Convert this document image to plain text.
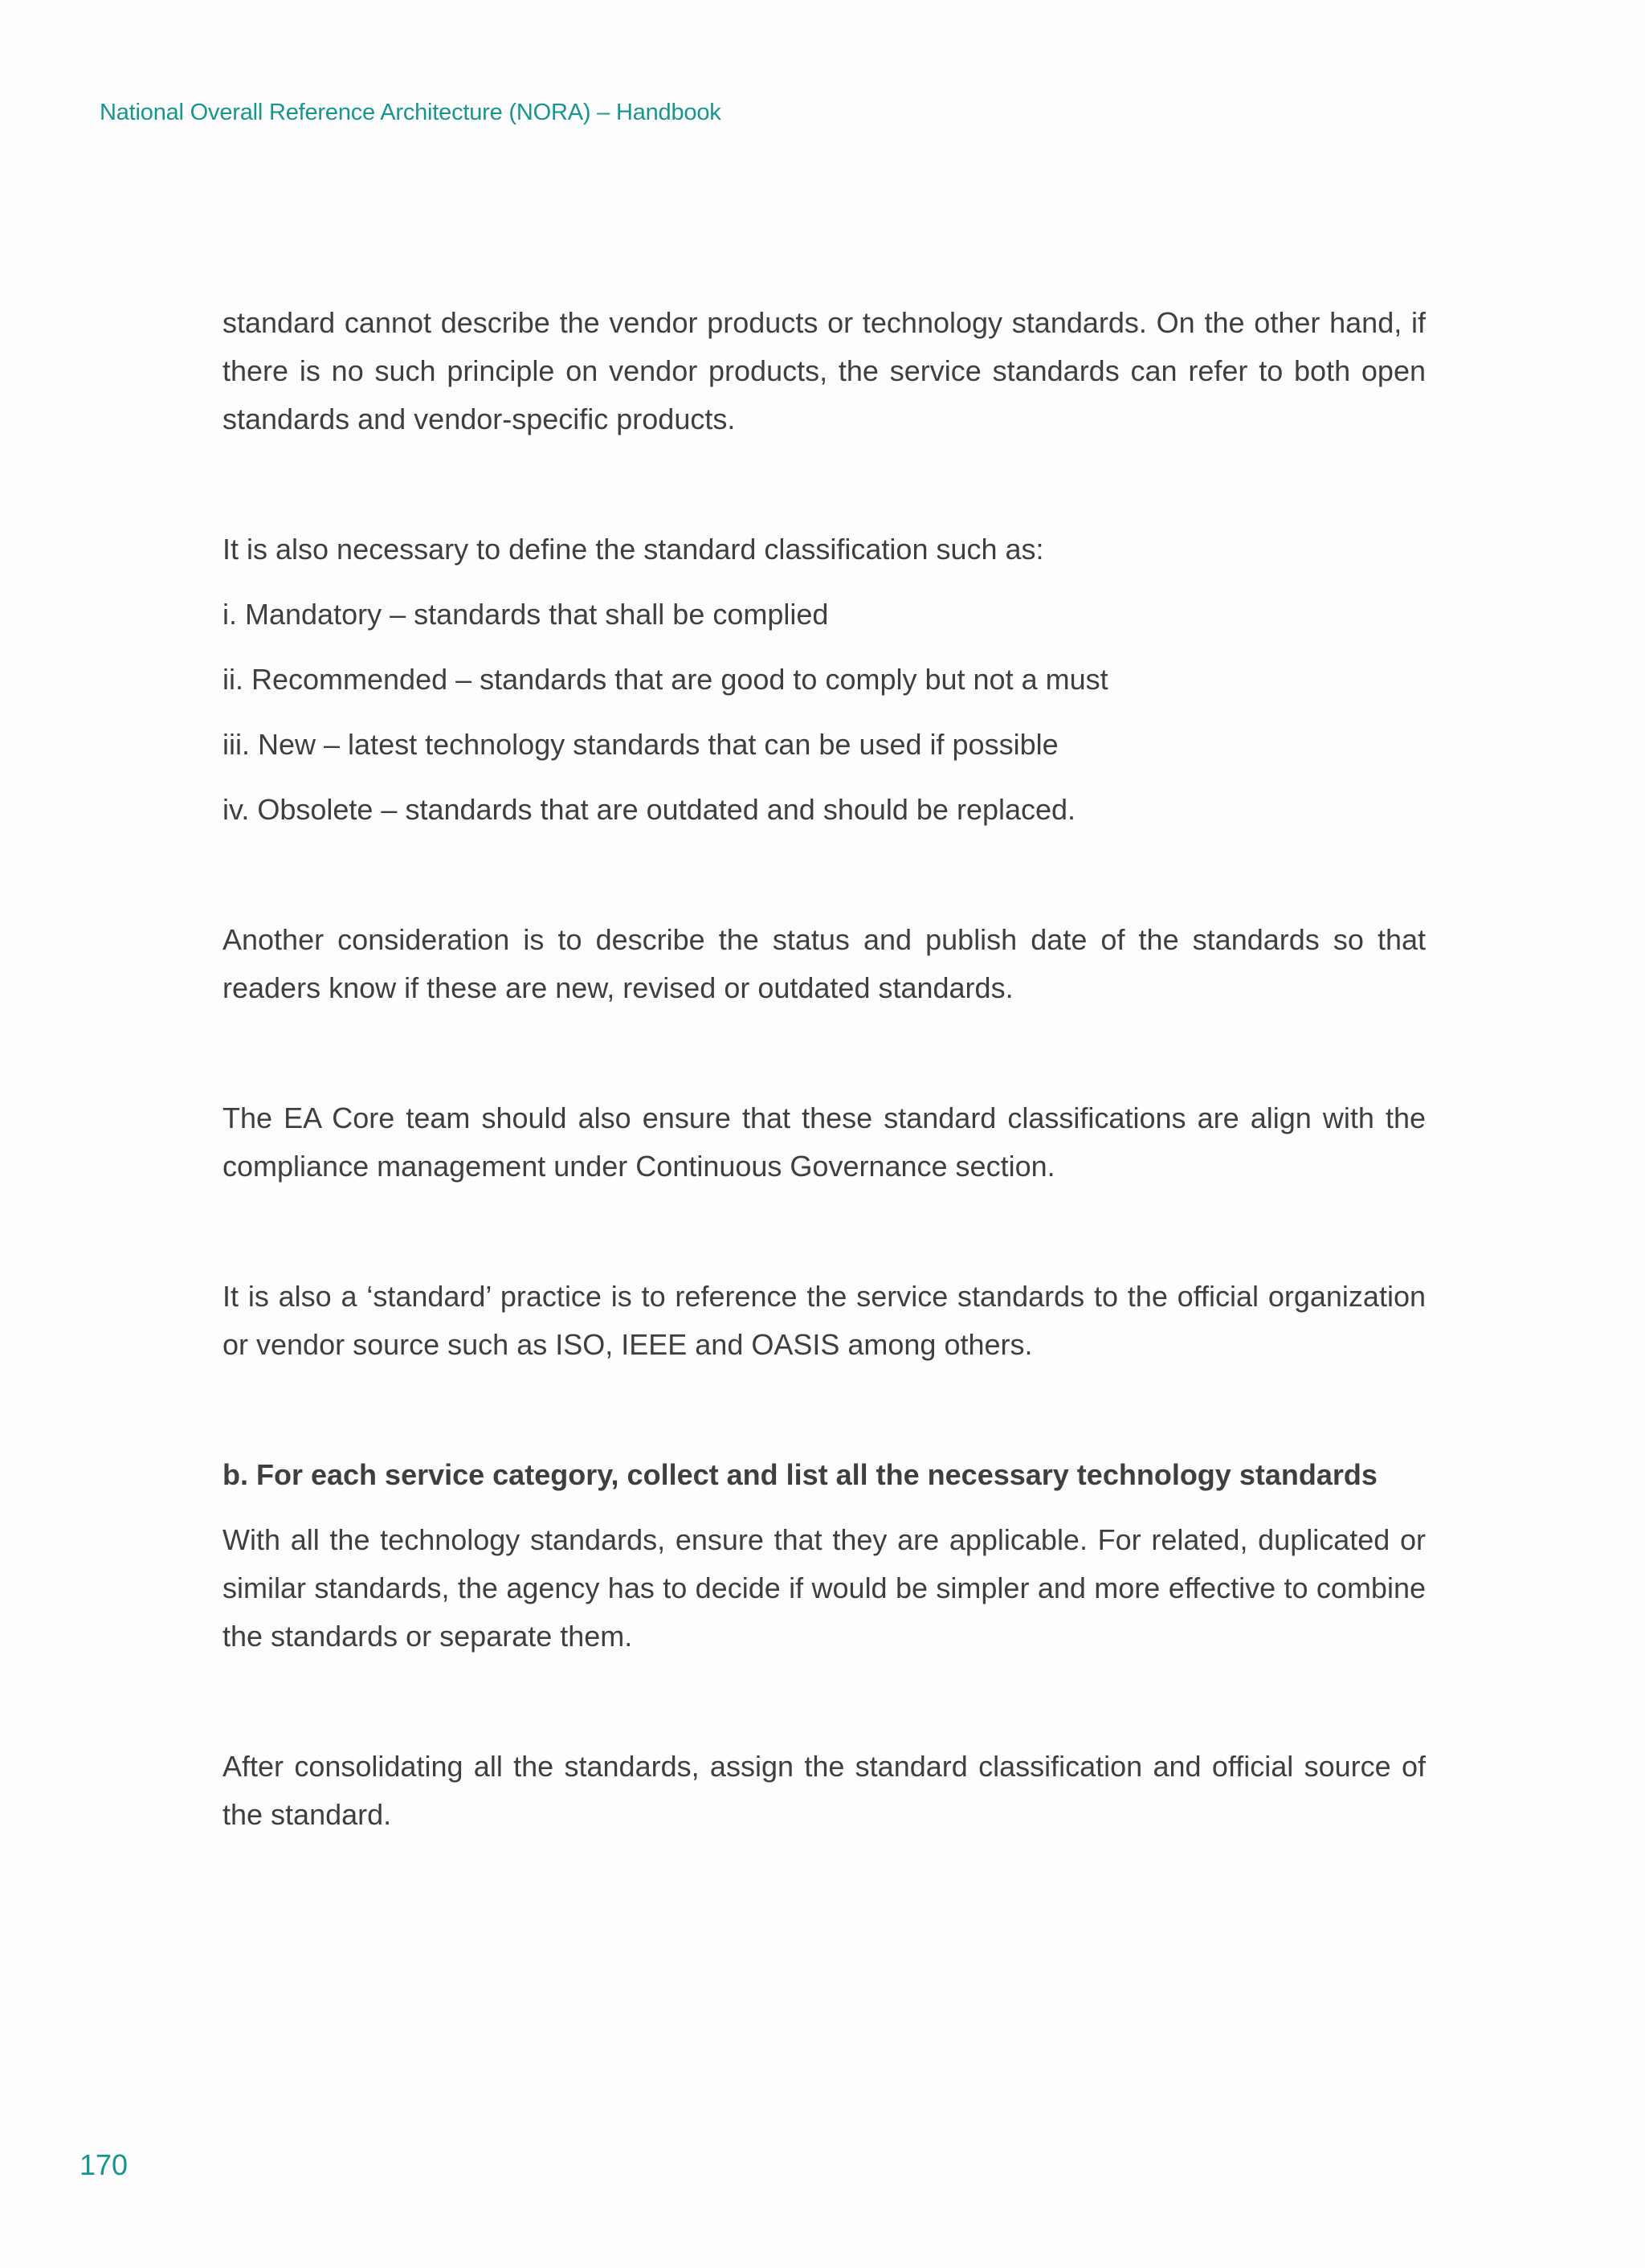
National Overall Reference Architecture (NORA) – Handbook

standard cannot describe the vendor products or technology standards. On the other hand, if there is no such principle on vendor products, the service standards can refer to both open standards and vendor-specific products.

It is also necessary to define the standard classification such as:

i. Mandatory – standards that shall be complied

ii. Recommended – standards that are good to comply but not a must

iii. New – latest technology standards that can be used if possible

iv. Obsolete – standards that are outdated and should be replaced.

Another consideration is to describe the status and publish date of the standards so that readers know if these are new, revised or outdated standards.

The EA Core team should also ensure that these standard classifications are align with the compliance management under Continuous Governance section.

It is also a ‘standard’ practice is to reference the service standards to the official organization or vendor source such as ISO, IEEE and OASIS among others.

b. For each service category, collect and list all the necessary technology standards

With all the technology standards, ensure that they are applicable. For related, duplicated or similar standards, the agency has to decide if would be simpler and more effective to combine the standards or separate them.

After consolidating all the standards, assign the standard classification and official source of the standard.

170
